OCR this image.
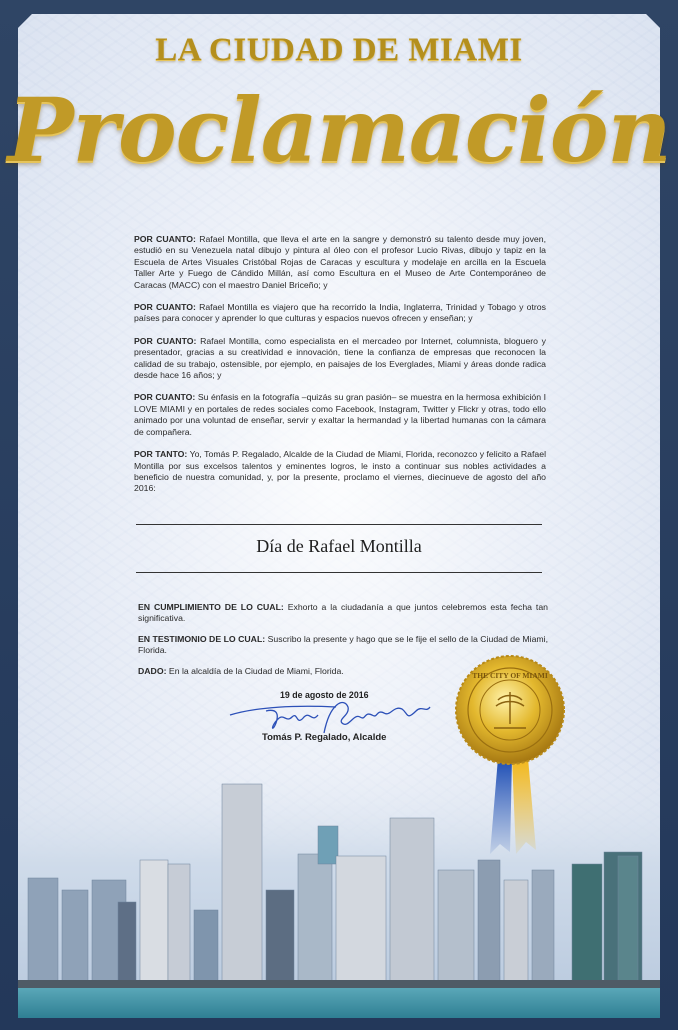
LA CIUDAD DE MIAMI
Proclamación

POR CUANTO: Rafael Montilla, que lleva el arte en la sangre y demonstró su talento desde muy joven, estudió en su Venezuela natal dibujo y pintura al óleo con el profesor Lucio Rivas, dibujo y tapiz en la Escuela de Artes Visuales Cristóbal Rojas de Caracas y escultura y modelaje en arcilla en la Escuela Taller Arte y Fuego de Cándido Millán, así como Escultura en el Museo de Arte Contemporáneo de Caracas (MACC) con el maestro Daniel Briceño; y

POR CUANTO: Rafael Montilla es viajero que ha recorrido la India, Inglaterra, Trinidad y Tobago y otros países para conocer y aprender lo que culturas y espacios nuevos ofrecen y enseñan; y

POR CUANTO: Rafael Montilla, como especialista en el mercadeo por Internet, columnista, bloguero y presentador, gracias a su creatividad e innovación, tiene la confianza de empresas que reconocen la calidad de su trabajo, ostensible, por ejemplo, en paisajes de los Everglades, Miami y áreas donde radica desde hace 16 años; y

POR CUANTO: Su énfasis en la fotografía –quizás su gran pasión– se muestra en la hermosa exhibición I LOVE MIAMI y en portales de redes sociales como Facebook, Instagram, Twitter y Flickr y otras, todo ello animado por una voluntad de enseñar, servir y exaltar la hermandad y la libertad humanas con la cámara de compañera.

POR TANTO: Yo, Tomás P. Regalado, Alcalde de la Ciudad de Miami, Florida, reconozco y felicito a Rafael Montilla por sus excelsos talentos y eminentes logros, le insto a continuar sus nobles actividades a beneficio de nuestra comunidad, y, por la presente, proclamo el viernes, diecinueve de agosto del año 2016:

Día de Rafael Montilla

EN CUMPLIMIENTO DE LO CUAL: Exhorto a la ciudadanía a que juntos celebremos esta fecha tan significativa.

EN TESTIMONIO DE LO CUAL: Suscribo la presente y hago que se le fije el sello de la Ciudad de Miami, Florida.

DADO: En la alcaldía de la Ciudad de Miami, Florida.

19 de agosto de 2016
Tomás P. Regalado, Alcalde
THE CITY OF MIAMI
